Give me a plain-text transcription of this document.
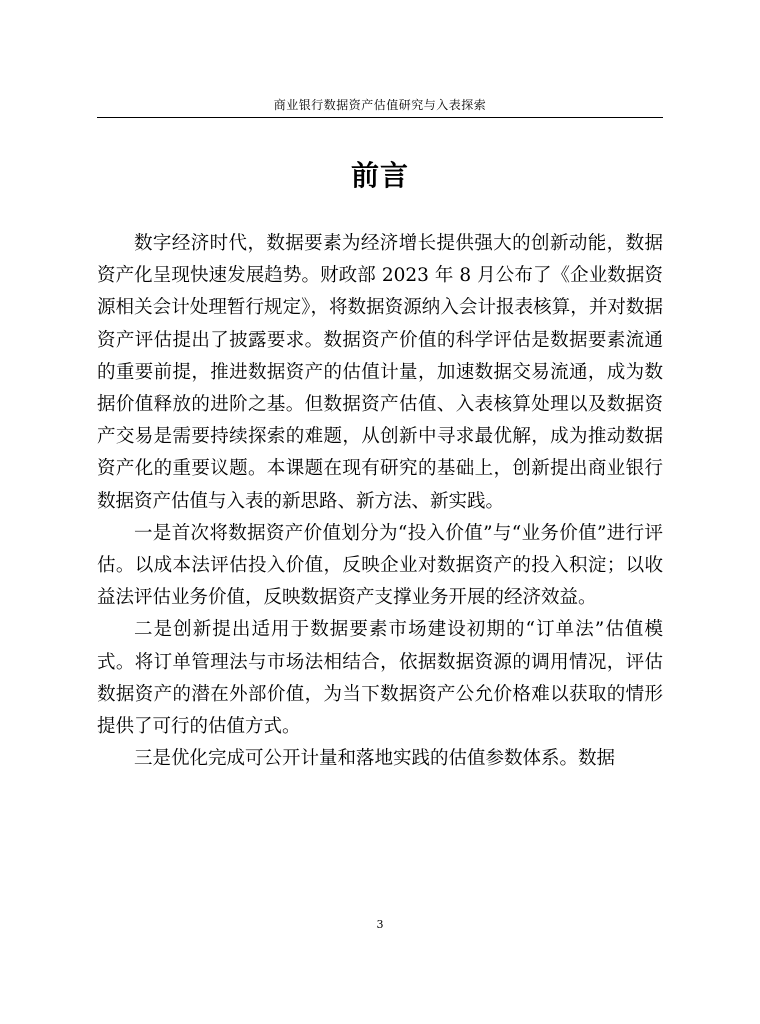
商业银行数据资产估值研究与入表探索
前言

数字经济时代，数据要素为经济增长提供强大的创新动能，数据资产化呈现快速发展趋势。财政部 2023 年 8 月公布了《企业数据资源相关会计处理暂行规定》，将数据资源纳入会计报表核算，并对数据资产评估提出了披露要求。数据资产价值的科学评估是数据要素流通的重要前提，推进数据资产的估值计量，加速数据交易流通，成为数据价值释放的进阶之基。但数据资产估值、入表核算处理以及数据资产交易是需要持续探索的难题，从创新中寻求最优解，成为推动数据资产化的重要议题。本课题在现有研究的基础上，创新提出商业银行数据资产估值与入表的新思路、新方法、新实践。

一是首次将数据资产价值划分为“投入价值”与“业务价值”进行评估。以成本法评估投入价值，反映企业对数据资产的投入积淀；以收益法评估业务价值，反映数据资产支撑业务开展的经济效益。

二是创新提出适用于数据要素市场建设初期的“订单法”估值模式。将订单管理法与市场法相结合，依据数据资源的调用情况，评估数据资产的潜在外部价值，为当下数据资产公允价格难以获取的情形提供了可行的估值方式。

三是优化完成可公开计量和落地实践的估值参数体系。数据

3
